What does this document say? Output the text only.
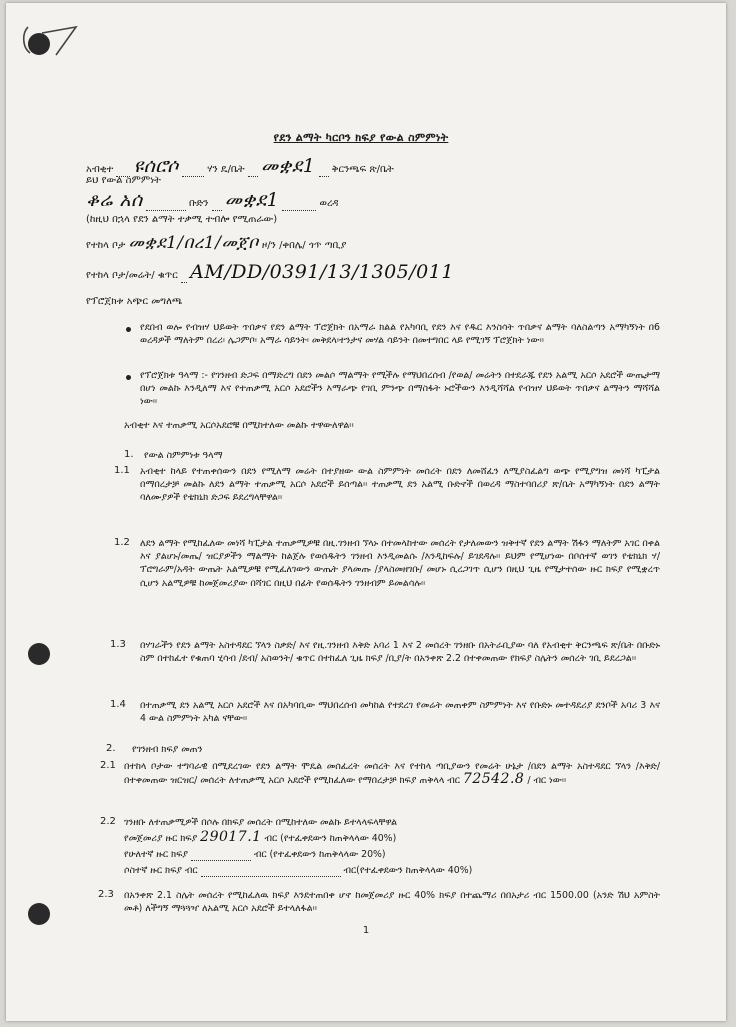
የደን ልማት ካርቦን ክፍያ የውል ስምምነት
አብቂተ ዩሰሮሶ	ሃን ዴ/ቤት መቋደ1 ቅርንጫፍ ጽ/ቤት
ይህ የውል ስምምነት
ቆሬ አሰ	ቡድን መቋደ1	ወረዳ
(ከዚህ በኋላ የደን ልማት ተቃሚ ተብሎ የሚጠራው)
የተከላ ቦታ መቋደ1/በረ1/መጀቦ ዞ/ን /ቀበሌ/ ጎጥ ጣቢያ
የተከላ ቦታ/መሬት/ ቁጥር AM/DD/0391/13/1305/011
የፕሮጀክቱ አጭር መግለጫ
የደበብ ወሎ የብዝሃ ህይወት ጥበቃና የደን ልማት ፕሮጀክት በአማራ ክልል የአካባቢ የደን እና የዱር እንስሳት ጥበቃና ልማት ባለስልጣን አማካኝነት በ6 ወረዳዎች ማለትም በረሪ፡ ሌጋምቦ፡ አማራ ሳይንት፡ መቅደላ፡ተንታና መሃል ሳይንት በመተግበር ላይ የሚገኝ ፕሮጀክት ነው፡፡
የፕሮጀክቱ ዓላማ :- የገንዘብ ድጋፍ በማድረግ በደን መልሶ ማልማት የሚችሉ የማህበረሰብ /የወል/ መሬትን በተደራጁ የደን አልሚ አርሶ አደሮች ውጤታማ በሆነ መልኩ እንዲለማ እና የተጠቃሚ አርሶ አደሮችን እማራጭ የገቢ ምንጭ በማስፋት ኑሮችውን እንዲሻሻል የብዝሃ ህይወት ጥበቃና ልማትን ማሻሻል ነው፡፡
አብቂተ እና ተጠቃሚ አርሶአደሮቹ በሚከተለው መልኩ ተዋውለዋል፡፡
1. የውል ስምምነቱ ዓላማ
1.1 አብቂተ ከላይ የተጠቀሰውን በደን የሚለማ መሬት በተያዘው ውል ስምምነት መሰረት በደን ለመሸፈን ለሚያስፈልግ ወጭ የሚያግዝ መነሻ ካፒታል በማበረታቻ መልኩ ለደን ልማት ተጠቃሚ አርሶ አደሮች ይሰጣል፡፡ ተጠቃሚ ደን አልሚ ቡድኖች በወረዳ ማስተባበሪያ ጽ/ቤት አማካኝነት በደን ልማት ባለሙያዎች የቴክኒክ ድጋፍ ይደረግላቸዋል፡፡
1.2 ለደን ልማት የሚከፈለው መነሻ ካፒታል ተጠቃሚዎቹ በዚ.ገንዘብ ኘላኑ በተመላከተው መሰረት የታለመውን ዝቅተኛ የደን ልማት ሽፋን ማለትም አገር በቀል እና ያልሆኑ/መጤ/ ዝርያዎችን ማልማት ከልጀሉ የወሰዱትን ገንዘብ እንዲመልሱ /እንዲከፍሉ/ ይገደዳሉ፡፡ ይህም የሚሆነው በቦሰተኛ ወገን የቴክኒክ ሃ/ፕሮግራም/አዳት ውጤት አልሚዎቹ የሚፈለገውን ውጤት ያላመጡ /ያላስመዘገቡ/ መሆኑ ሲረጋገጥ ሲሆን በዚህ ጊዜ የሚታተሰው ዙር ክፍያ የሚቋረጥ ሲሆን አልሚዎቹ ከመጀመሪያው በሻገር በዚህ በፊት የወሰዱትን ገንዘብም ይመልሳሉ፡፡
1.3 በሃገራችን የደን ልማት አስተዳደር ኘላን ስቃድ/ እና የዚ.ገንዘብ እቅድ አባሪ 1 እና 2 መሰረት ገንዘቡ በአትራቢያው ባለ የአብቂተ ቅርንጫፍ ጽ/ቤት በቡድኑ ስም በተከፈተ የቁጠባ ሂሳብ /ደብ/ አስወንት/ ቁጥር በተከፈለ ጊዜ ክፍያ /ቢያ/ት በአንቀጽ 2.2 በተቀመጠው የክፍያ ስሌትን መሰረት ገቢ ይደረጋል፡፡
1.4 በተጠቃሚ ደን አልሚ አርሶ አደሮች እና በአካባቢው ማህበረሰብ መካከል የተደረገ የመሬት መጠቀም ስምምነት እና የቡድኑ መተዳደሪያ ደንቦች አባሪ 3 እና 4 ውል ስምምነት አካል ናቸው፡፡
2. የገንዘብ ክፍያ መጠን
2.1 በተከላ ቦታው ተግባራዊ በሚደረገው የደን ልማት ሞዴል መሰፈረት መሰረት እና የተከላ ጣቢያውን የመሬት ሁኔታ /በደን ልማት አስተዳደር ኘላን /እቅድ/ በተቀመጠው ዝርዝር/ መሰረት ለተጠቃሚ አርሶ አደሮች የሚከፈለው የማበረታቻ ክፍያ ጠቅላላ ብር 72542.8 / ብር ነው፡፡
2.2 ገንዘቡ ለተጠቃሚዎች በሶሉ በክፍያ መሰረት በሚከተለው መልኩ ይተላላፍላቸዋል
የመጀመሪያ ዙር ክፍያ 29017.1 ብር (የተፈቀደውን ከጠቅላላው 40%)
የሁለተኛ ዙር ክፍያ	ብር (የተፈቀደውን ከጠቅላላው 20%)
ሶስተኛ ዙር ክፍያ ብር	ብር(የተፈቀደውን ከጠቅላላው 40%)
2.3 በአንቀጽ 2.1 ስሌት መሰረት የሚከፈለዉ ክፍያ እንደተጠበቀ ሆኖ ከመጀመሪያ ዙር 40% ክፍያ በተጨማሪ በበአታሪ ብር 1500.00 (አንድ ሽህ አምስት መቶ) ለችግኝ ማጓጓዣ ለአልሚ አርሶ አደሮች ይተላለፋል፡፡
1
